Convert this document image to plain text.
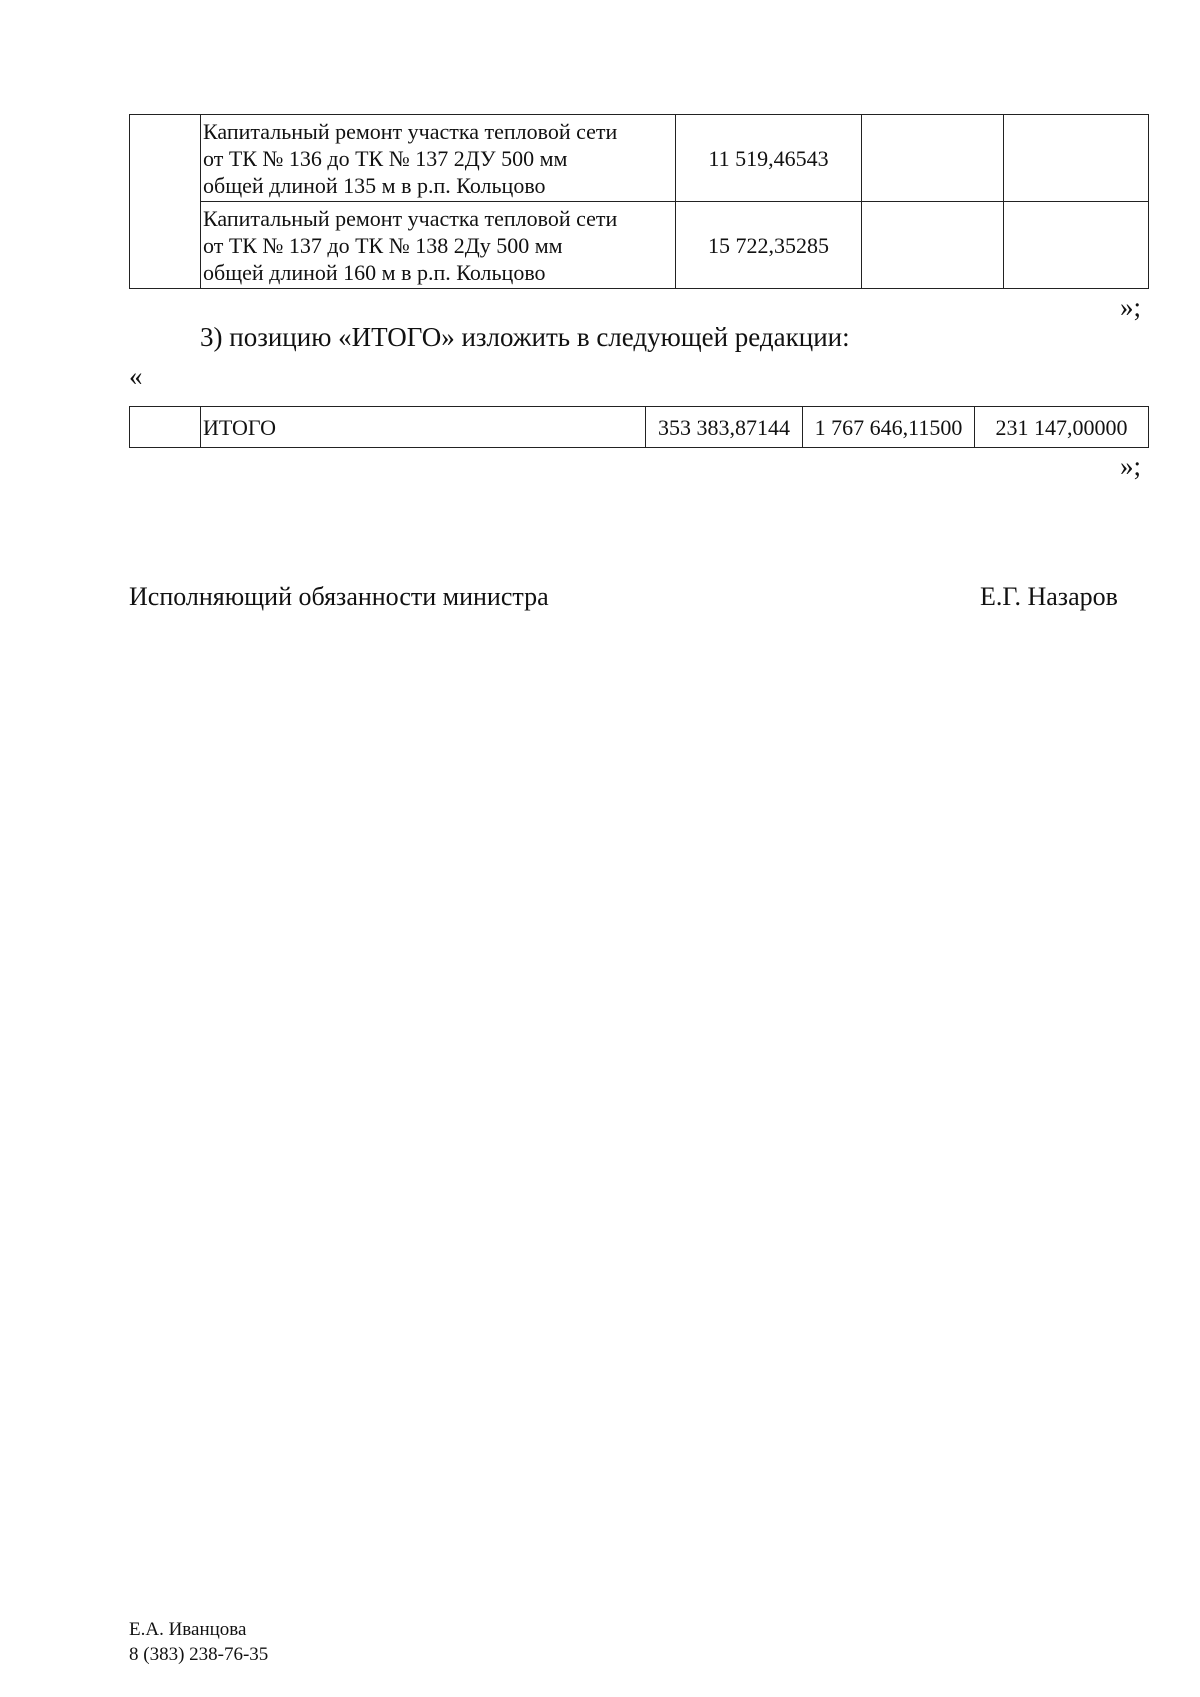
	Капитальный ремонт участка тепловой сети
от ТК № 136 до ТК № 137 2ДУ 500 мм
общей длиной 135 м в р.п. Кольцово	11 519,46543		

	Капитальный ремонт участка тепловой сети
от ТК № 137 до ТК № 138 2Ду 500 мм
общей длиной 160 м в р.п. Кольцово	15 722,35285		
»;
3) позицию «ИТОГО» изложить в следующей редакции:
«
	ИТОГО	353 383,87144	1 767 646,11500	231 147,00000
»;
Исполняющий обязанности министра	Е.Г. Назаров
Е.А. Иванцова
8 (383) 238-76-35
